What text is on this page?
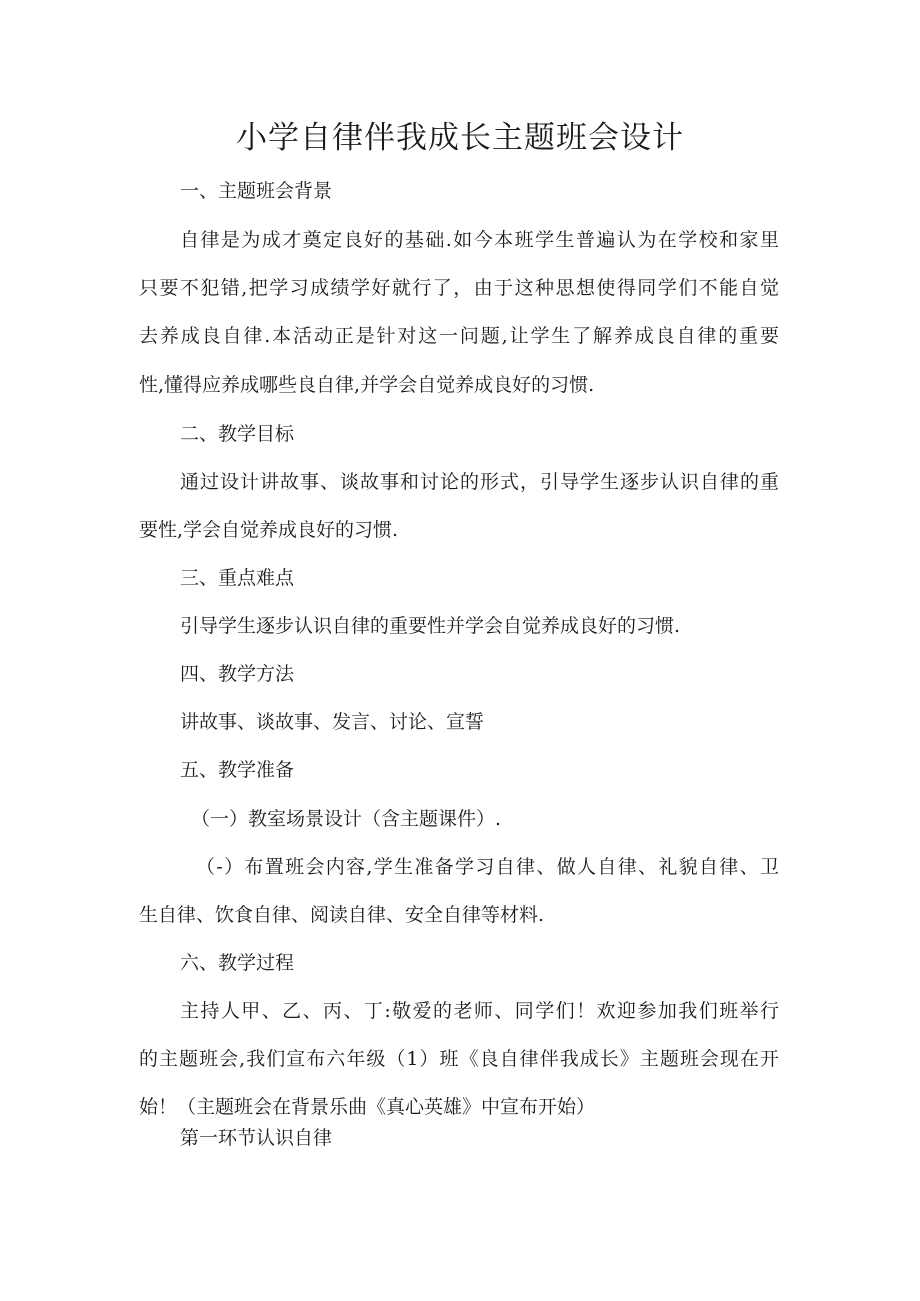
小学自律伴我成长主题班会设计

一、主题班会背景

自律是为成才奠定良好的基础.如今本班学生普遍认为在学校和家里

只要不犯错,把学习成绩学好就行了，由于这种思想使得同学们不能自觉

去养成良自律.本活动正是针对这一问题,让学生了解养成良自律的重要

性,懂得应养成哪些良自律,并学会自觉养成良好的习惯.

二、教学目标

通过设计讲故事、谈故事和讨论的形式，引导学生逐步认识自律的重

要性,学会自觉养成良好的习惯.

三、重点难点

引导学生逐步认识自律的重要性并学会自觉养成良好的习惯.

四、教学方法

讲故事、谈故事、发言、讨论、宣誓

五、教学准备

（一）教室场景设计（含主题课件）.

（-）布置班会内容,学生准备学习自律、做人自律、礼貌自律、卫

生自律、饮食自律、阅读自律、安全自律等材料.

六、教学过程

主持人甲、乙、丙、丁:敬爱的老师、同学们！欢迎参加我们班举行

的主题班会,我们宣布六年级（1）班《良自律伴我成长》主题班会现在开

始！（主题班会在背景乐曲《真心英雄》中宣布开始）

第一环节认识自律
